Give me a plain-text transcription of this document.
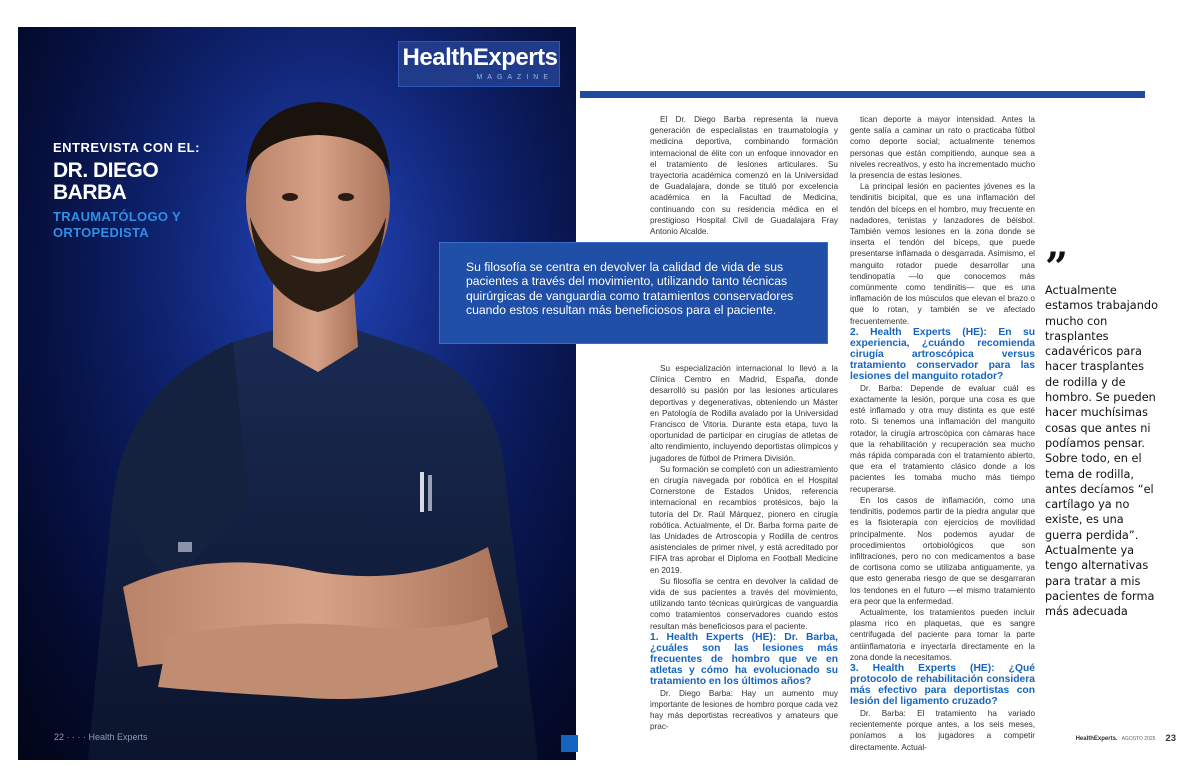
HealthExperts
MAGAZINE
ENTREVISTA CON EL:
DR. DIEGO
BARBA
TRAUMATÓLOGO Y
ORTOPEDISTA
22 · · · · Health Experts

El Dr. Diego Barba representa la nueva generación de especialistas en traumatología y medicina deportiva, combinando formación internacional de élite con un enfoque innovador en el tratamiento de lesiones articulares. Su trayectoria académica comenzó en la Universidad de Guadalajara, donde se tituló por excelencia académica en la Facultad de Medicina, continuando con su residencia médica en el prestigioso Hospital Civil de Guadalajara Fray Antonio Alcalde.

Su especialización internacional lo llevó a la Clínica Cemtro en Madrid, España, donde desarrolló su pasión por las lesiones articulares deportivas y degenerativas, obteniendo un Máster en Patología de Rodilla avalado por la Universidad Francisco de Vitoria. Durante esta etapa, tuvo la oportunidad de participar en cirugías de atletas de alto rendimiento, incluyendo deportistas olímpicos y jugadores de fútbol de Primera División.

Su formación se completó con un adiestramiento en cirugía navegada por robótica en el Hospital Cornerstone de Estados Unidos, referencia internacional en recambios protésicos, bajo la tutoría del Dr. Raúl Márquez, pionero en cirugía robótica. Actualmente, el Dr. Barba forma parte de las Unidades de Artroscopia y Rodilla de centros asistenciales de primer nivel, y está acreditado por FIFA tras aprobar el Diploma en Football Medicine en 2019.

Su filosofía se centra en devolver la calidad de vida de sus pacientes a través del movimiento, utilizando tanto técnicas quirúrgicas de vanguardia como tratamientos conservadores cuando estos resultan más beneficiosos para el paciente.

1. Health Experts (HE): Dr. Barba, ¿cuáles son las lesiones más frecuentes de hombro que ve en atletas y cómo ha evolucionado su tratamiento en los últimos años?

Dr. Diego Barba: Hay un aumento muy importante de lesiones de hombro porque cada vez hay más deportistas recreativos y amateurs que prac-

tican deporte a mayor intensidad. Antes la gente salía a caminar un rato o practicaba fútbol como deporte social; actualmente tenemos personas que están compitiendo, aunque sea a niveles recreativos, y esto ha incrementado mucho la presencia de estas lesiones.

La principal lesión en pacientes jóvenes es la tendinitis bicipital, que es una inflamación del tendón del bíceps en el hombro, muy frecuente en nadadores, tenistas y lanzadores de béisbol. También vemos lesiones en la zona donde se inserta el tendón del bíceps, que puede presentarse inflamada o desgarrada. Asimismo, el manguito rotador puede desarrollar una tendinopatía —lo que conocemos más comúnmente como tendinitis— que es una inflamación de los músculos que elevan el brazo o que lo rotan, y también se ve afectado frecuentemente.

2. Health Experts (HE): En su experiencia, ¿cuándo recomienda cirugía artroscópica versus tratamiento conservador para las lesiones del manguito rotador?

Dr. Barba: Depende de evaluar cuál es exactamente la lesión, porque una cosa es que esté inflamado y otra muy distinta es que esté roto. Si tenemos una inflamación del manguito rotador, la cirugía artroscópica con cámaras hace que la rehabilitación y recuperación sea mucho más rápida comparada con el tratamiento abierto, que era el tratamiento clásico donde a los pacientes les tomaba mucho más tiempo recuperarse.

En los casos de inflamación, como una tendinitis, podemos partir de la piedra angular que es la fisioterapia con ejercicios de movilidad principalmente. Nos podemos ayudar de procedimientos ortobiológicos que son infiltraciones, pero no con medicamentos a base de cortisona como se utilizaba antiguamente, ya que esto generaba riesgo de que se desgarraran los tendones en el futuro —el mismo tratamiento era peor que la enfermedad.

Actualmente, los tratamientos pueden incluir plasma rico en plaquetas, que es sangre centrifugada del paciente para tomar la parte antiinflamatoria e inyectarla directamente en la zona donde la necesitamos.

3. Health Experts (HE): ¿Qué protocolo de rehabilitación considera más efectivo para deportistas con lesión del ligamento cruzado?

Dr. Barba: El tratamiento ha variado recientemente porque antes, a los seis meses, poníamos a los jugadores a competir directamente. Actual-

Su filosofía se centra en devolver la calidad de vida de sus pacientes a través del movimiento, utilizando tanto técnicas quirúrgicas de vanguardia como tratamientos conservadores cuando estos resultan más beneficiosos para el paciente.
”
Actualmente estamos trabajando mucho con trasplantes cadavéricos para hacer trasplantes de rodilla y de hombro. Se pueden hacer muchísimas cosas que antes ni podíamos pensar. Sobre todo, en el tema de rodilla, antes decíamos “el cartílago ya no existe, es una guerra perdida”. Actualmente ya tengo alternativas para tratar a mis pacientes de forma más adecuada
HealthExperts. AGOSTO 2025 23
